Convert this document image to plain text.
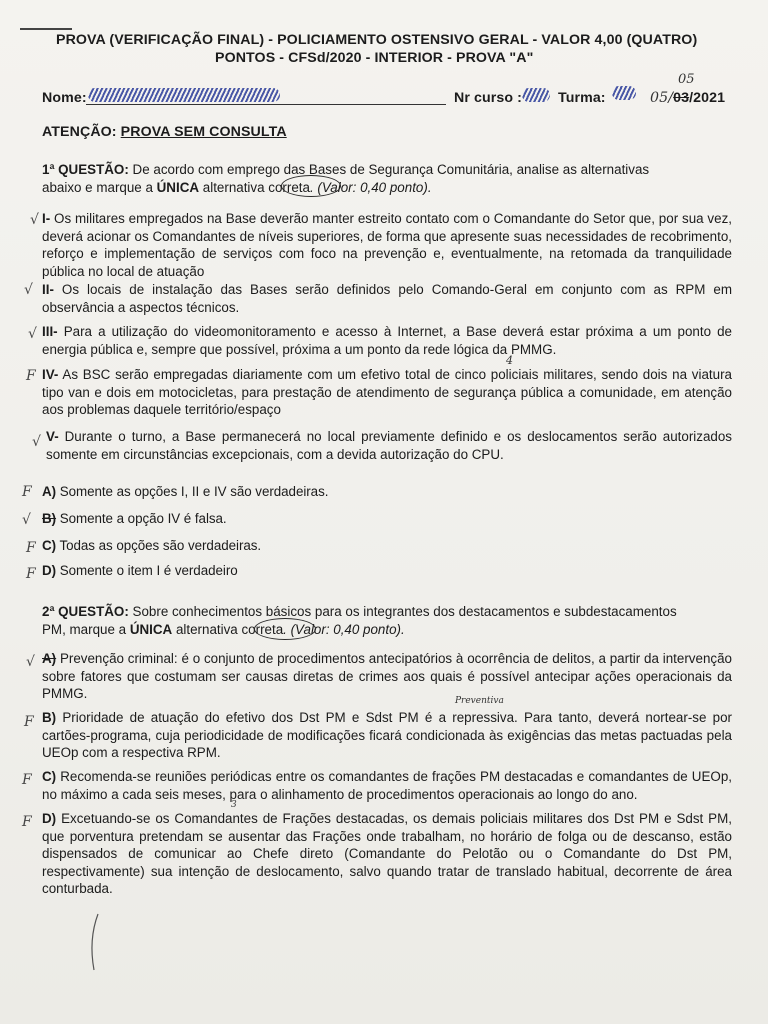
PROVA (VERIFICAÇÃO FINAL) - POLICIAMENTO OSTENSIVO GERAL - VALOR 4,00 (QUATRO)
PONTOS - CFSd/2020 - INTERIOR - PROVA "A"
Nome:	Nr curso :	Turma:	05/03/2021
05
ATENÇÃO: PROVA SEM CONSULTA
1ª QUESTÃO: De acordo com emprego das Bases de Segurança Comunitária, analise as alternativas
abaixo e marque a ÚNICA alternativa correta. (Valor: 0,40 ponto).
√ I- Os militares empregados na Base deverão manter estreito contato com o Comandante do Setor que, por sua vez, deverá acionar os Comandantes de níveis superiores, de forma que apresente suas necessidades de recobrimento, reforço e implementação de serviços com foco na prevenção e, eventualmente, na retomada da tranquilidade pública no local de atuação
√ II- Os locais de instalação das Bases serão definidos pelo Comando-Geral em conjunto com as RPM em observância a aspectos técnicos.
√ III- Para a utilização do videomonitoramento e acesso à Internet, a Base deverá estar próxima a um ponto de energia pública e, sempre que possível, próxima a um ponto da rede lógica da PMMG.
F IV- As BSC serão empregadas diariamente com um efetivo total de cinco policiais militares, sendo dois na viatura tipo van e dois em motocicletas, para prestação de atendimento de segurança pública a comunidade, em atenção aos problemas daquele território/espaço
4
√ V- Durante o turno, a Base permanecerá no local previamente definido e os deslocamentos serão autorizados somente em circunstâncias excepcionais, com a devida autorização do CPU.
F A) Somente as opções I, II e IV são verdadeiras.
√ B) Somente a opção IV é falsa.
F C) Todas as opções são verdadeiras.
F D) Somente o item I é verdadeiro
2ª QUESTÃO: Sobre conhecimentos básicos para os integrantes dos destacamentos e subdestacamentos
PM, marque a ÚNICA alternativa correta. (Valor: 0,40 ponto).
√ A) Prevenção criminal: é o conjunto de procedimentos antecipatórios à ocorrência de delitos, a partir da intervenção sobre fatores que costumam ser causas diretas de crimes aos quais é possível antecipar ações operacionais da PMMG.	Preventiva
F B) Prioridade de atuação do efetivo dos Dst PM e Sdst PM é a repressiva. Para tanto, deverá nortear-se por cartões-programa, cuja periodicidade de modificações ficará condicionada às exigências das metas pactuadas pela UEOp com a respectiva RPM.
F C) Recomenda-se reuniões periódicas entre os comandantes de frações PM destacadas e comandantes de UEOp, no máximo a cada seis meses, para o alinhamento de procedimentos operacionais ao longo do ano.
3
F D) Excetuando-se os Comandantes de Frações destacadas, os demais policiais militares dos Dst PM e Sdst PM, que porventura pretendam se ausentar das Frações onde trabalham, no horário de folga ou de descanso, estão dispensados de comunicar ao Chefe direto (Comandante do Pelotão ou o Comandante do Dst PM, respectivamente) sua intenção de deslocamento, salvo quando tratar de translado habitual, decorrente de área conturbada.
